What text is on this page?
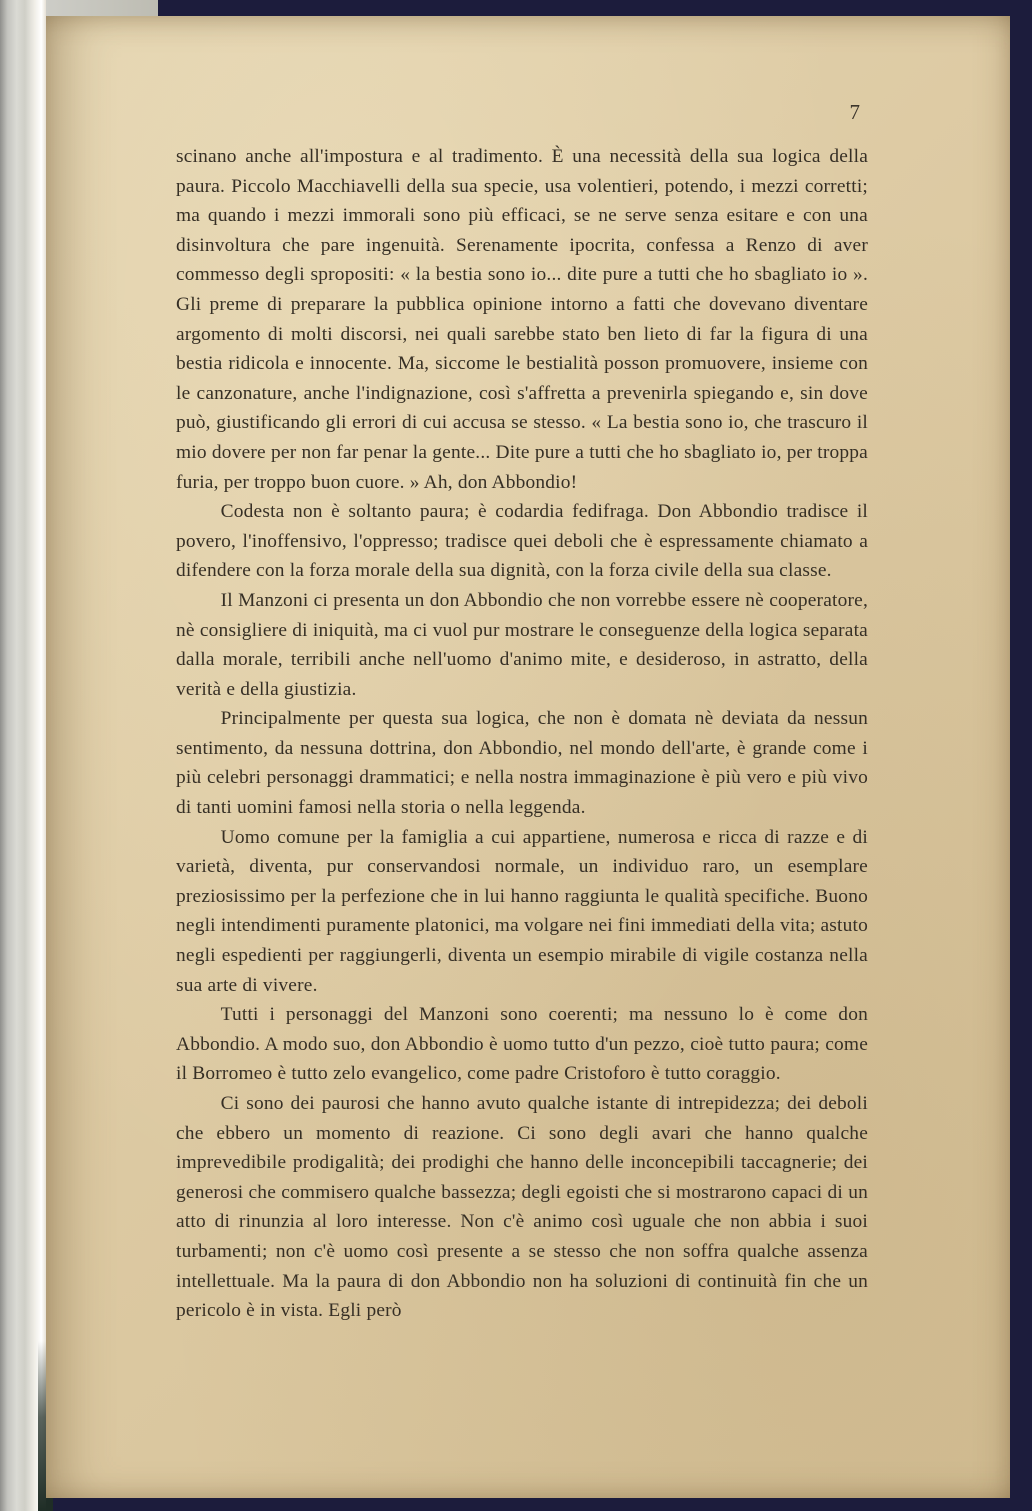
7

scinano anche all'impostura e al tradimento. È una necessità della sua logica della paura. Piccolo Macchiavelli della sua specie, usa volentieri, potendo, i mezzi corretti; ma quando i mezzi immorali sono più efficaci, se ne serve senza esitare e con una disinvoltura che pare ingenuità. Serenamente ipocrita, confessa a Renzo di aver commesso degli spropositi: « la bestia sono io... dite pure a tutti che ho sbagliato io ». Gli preme di preparare la pubblica opinione intorno a fatti che dovevano diventare argomento di molti discorsi, nei quali sarebbe stato ben lieto di far la figura di una bestia ridicola e innocente. Ma, siccome le bestialità posson promuovere, insieme con le canzonature, anche l'indignazione, così s'affretta a prevenirla spiegando e, sin dove può, giustificando gli errori di cui accusa se stesso. « La bestia sono io, che trascuro il mio dovere per non far penar la gente... Dite pure a tutti che ho sbagliato io, per troppa furia, per troppo buon cuore. » Ah, don Abbondio!

Codesta non è soltanto paura; è codardia fedifraga. Don Abbondio tradisce il povero, l'inoffensivo, l'oppresso; tradisce quei deboli che è espressamente chiamato a difendere con la forza morale della sua dignità, con la forza civile della sua classe.

Il Manzoni ci presenta un don Abbondio che non vorrebbe essere nè cooperatore, nè consigliere di iniquità, ma ci vuol pur mostrare le conseguenze della logica separata dalla morale, terribili anche nell'uomo d'animo mite, e desideroso, in astratto, della verità e della giustizia.

Principalmente per questa sua logica, che non è domata nè deviata da nessun sentimento, da nessuna dottrina, don Abbondio, nel mondo dell'arte, è grande come i più celebri personaggi drammatici; e nella nostra immaginazione è più vero e più vivo di tanti uomini famosi nella storia o nella leggenda.

Uomo comune per la famiglia a cui appartiene, numerosa e ricca di razze e di varietà, diventa, pur conservandosi normale, un individuo raro, un esemplare preziosissimo per la perfezione che in lui hanno raggiunta le qualità specifiche. Buono negli intendimenti puramente platonici, ma volgare nei fini immediati della vita; astuto negli espedienti per raggiungerli, diventa un esempio mirabile di vigile costanza nella sua arte di vivere.

Tutti i personaggi del Manzoni sono coerenti; ma nessuno lo è come don Abbondio. A modo suo, don Abbondio è uomo tutto d'un pezzo, cioè tutto paura; come il Borromeo è tutto zelo evangelico, come padre Cristoforo è tutto coraggio.

Ci sono dei paurosi che hanno avuto qualche istante di intrepidezza; dei deboli che ebbero un momento di reazione. Ci sono degli avari che hanno qualche imprevedibile prodigalità; dei prodighi che hanno delle inconcepibili taccagnerie; dei generosi che commisero qualche bassezza; degli egoisti che si mostrarono capaci di un atto di rinunzia al loro interesse. Non c'è animo così uguale che non abbia i suoi turbamenti; non c'è uomo così presente a se stesso che non soffra qualche assenza intellettuale. Ma la paura di don Abbondio non ha soluzioni di continuità fin che un pericolo è in vista. Egli però
